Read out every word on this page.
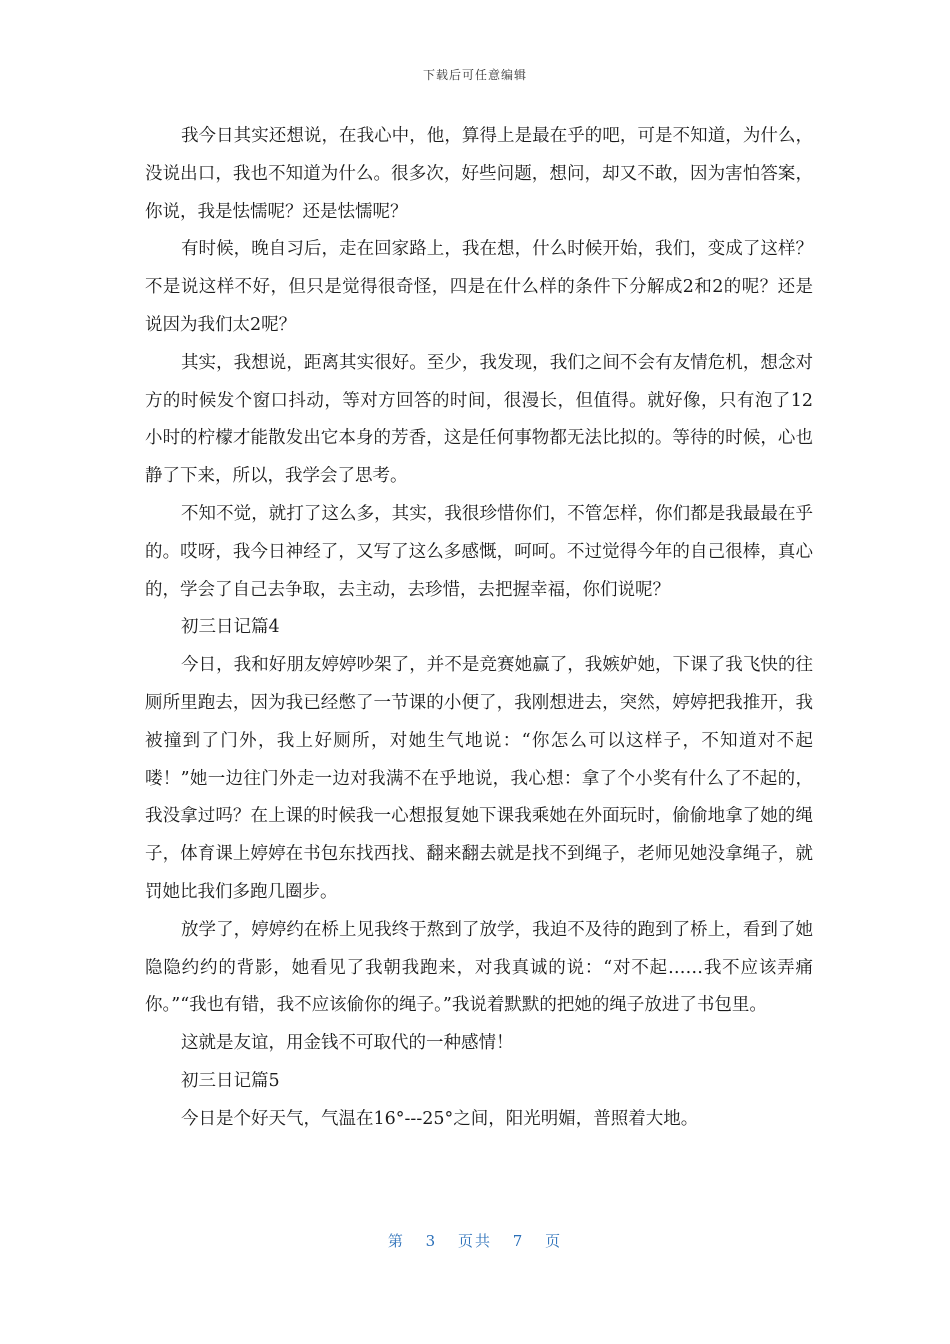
下载后可任意编辑

我今日其实还想说，在我心中，他，算得上是最在乎的吧，可是不知道，为什么，没说出口，我也不知道为什么。很多次，好些问题，想问，却又不敢，因为害怕答案，你说，我是怯懦呢？还是怯懦呢？

有时候，晚自习后，走在回家路上，我在想，什么时候开始，我们，变成了这样？不是说这样不好，但只是觉得很奇怪，四是在什么样的条件下分解成2和2的呢？还是说因为我们太2呢？

其实，我想说，距离其实很好。至少，我发现，我们之间不会有友情危机，想念对方的时候发个窗口抖动，等对方回答的时间，很漫长，但值得。就好像，只有泡了12小时的柠檬才能散发出它本身的芳香，这是任何事物都无法比拟的。等待的时候，心也静了下来，所以，我学会了思考。

不知不觉，就打了这么多，其实，我很珍惜你们，不管怎样，你们都是我最最在乎的。哎呀，我今日神经了，又写了这么多感慨，呵呵。不过觉得今年的自己很棒，真心的，学会了自己去争取，去主动，去珍惜，去把握幸福，你们说呢？

初三日记篇4

今日，我和好朋友婷婷吵架了，并不是竞赛她赢了，我嫉妒她，下课了我飞快的往厕所里跑去，因为我已经憋了一节课的小便了，我刚想进去，突然，婷婷把我推开，我被撞到了门外，我上好厕所，对她生气地说：“你怎么可以这样子，不知道对不起喽！”她一边往门外走一边对我满不在乎地说，我心想：拿了个小奖有什么了不起的，我没拿过吗？在上课的时候我一心想报复她下课我乘她在外面玩时，偷偷地拿了她的绳子，体育课上婷婷在书包东找西找、翻来翻去就是找不到绳子，老师见她没拿绳子，就罚她比我们多跑几圈步。

放学了，婷婷约在桥上见我终于熬到了放学，我迫不及待的跑到了桥上，看到了她隐隐约约的背影，她看见了我朝我跑来，对我真诚的说：“对不起……我不应该弄痛你。”“我也有错，我不应该偷你的绳子。”我说着默默的把她的绳子放进了书包里。

这就是友谊，用金钱不可取代的一种感情！

初三日记篇5

今日是个好天气，气温在16°---25°之间，阳光明媚，普照着大地。

第 3 页共 7 页
